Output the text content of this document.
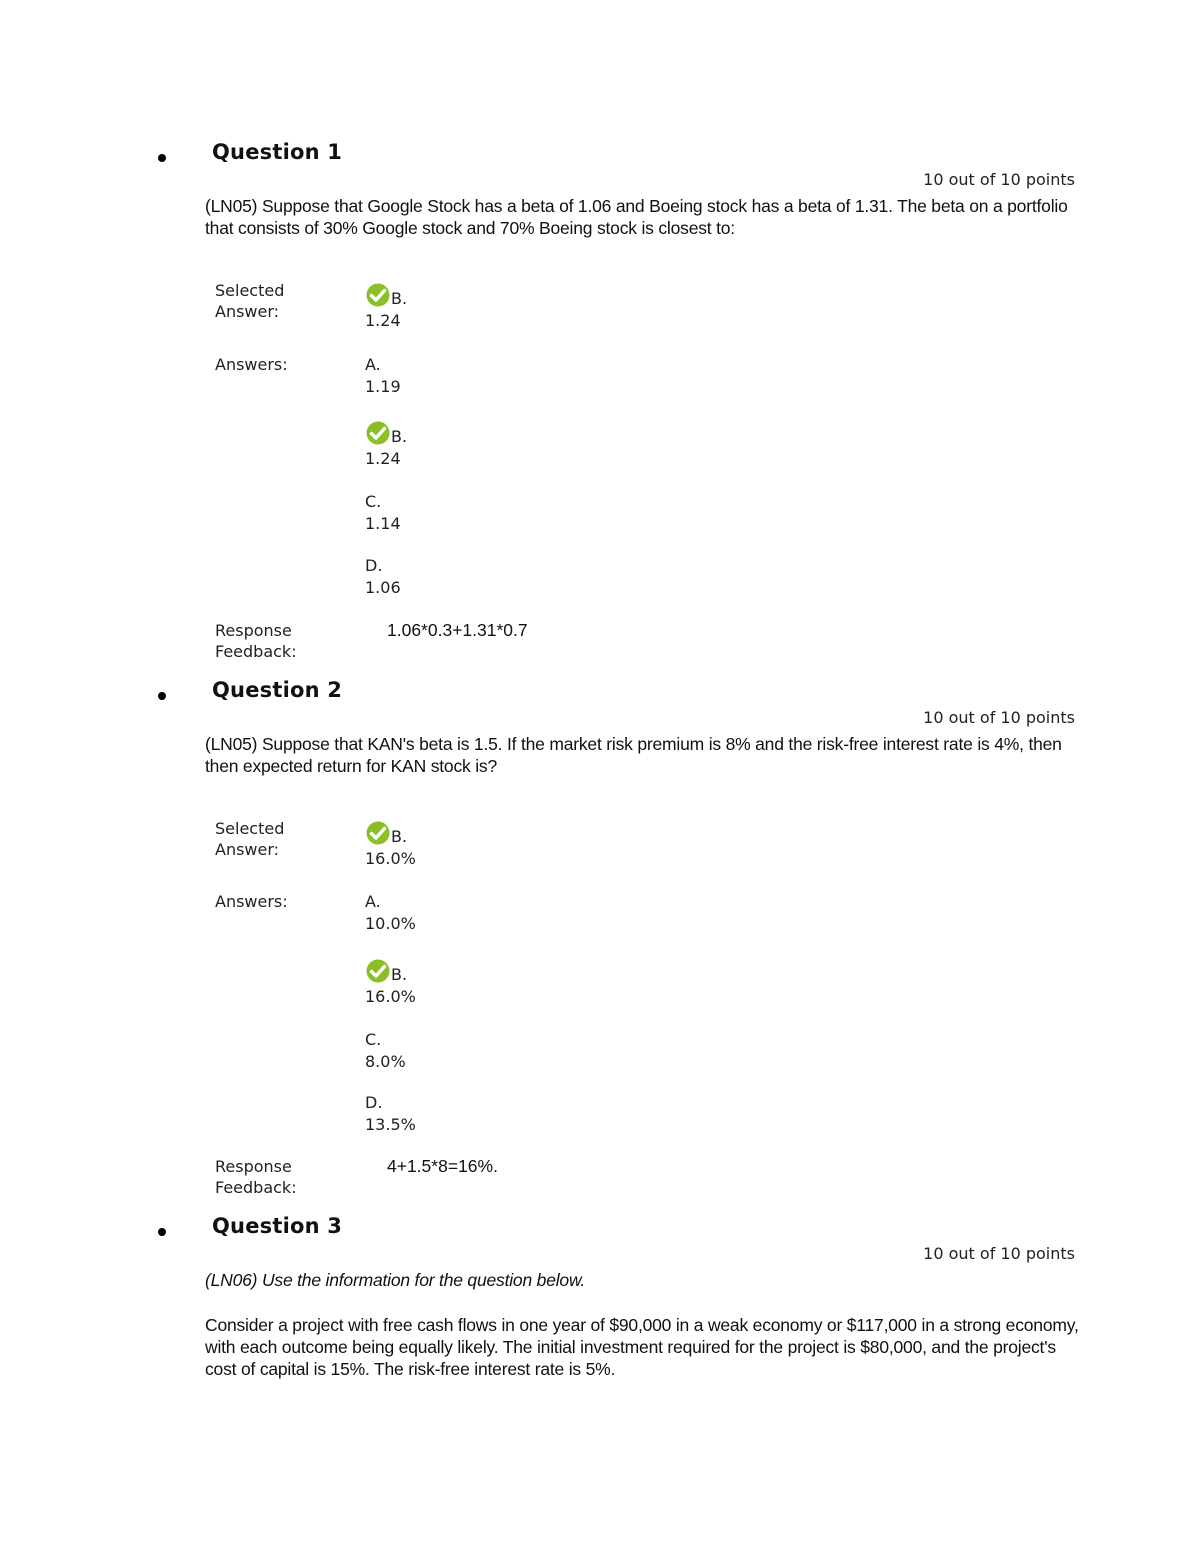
Question 1
10 out of 10 points
(LN05) Suppose that Google Stock has a beta of 1.06 and Boeing stock has a beta of 1.31. The beta on a portfolio that consists of 30% Google stock and 70% Boeing stock is closest to:
Selected Answer:
B.
1.24
Answers:	A.
1.19
B.
1.24
C.
1.14
D.
1.06
Response Feedback:
1.06*0.3+1.31*0.7
Question 2
10 out of 10 points
(LN05) Suppose that KAN's beta is 1.5. If the market risk premium is 8% and the risk-free interest rate is 4%, then then expected return for KAN stock is?
Selected Answer:
B.
16.0%
Answers:	A.
10.0%
B.
16.0%
C.
8.0%
D.
13.5%
Response Feedback:
4+1.5*8=16%.
Question 3
10 out of 10 points
(LN06) Use the information for the question below.
Consider a project with free cash flows in one year of $90,000 in a weak economy or $117,000 in a strong economy, with each outcome being equally likely. The initial investment required for the project is $80,000, and the project's cost of capital is 15%. The risk-free interest rate is 5%.
